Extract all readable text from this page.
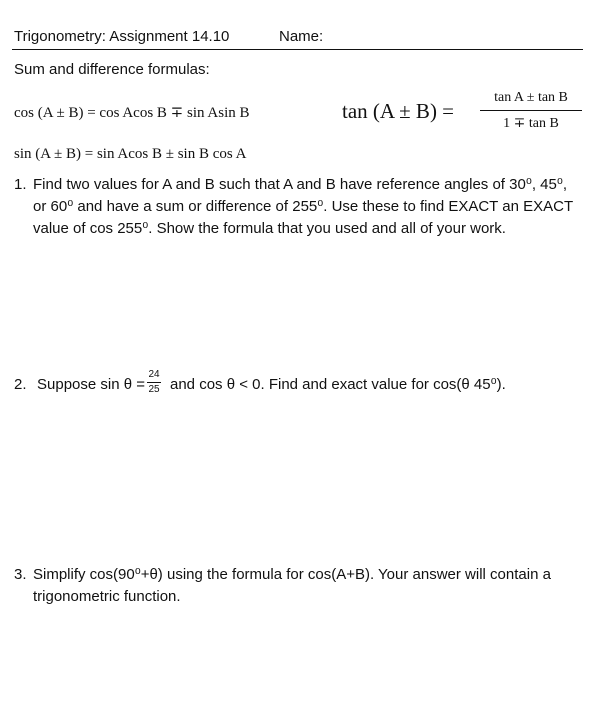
Trigonometry: Assignment 14.10	Name:
Sum and difference formulas:
cos (A ± B) = cos Acos B ∓ sin Asin B	tan (A ± B) =
tan A ± tan B
1 ∓ tan B
sin (A ± B) = sin Acos B ± sin B cos A
1. Find two values for A and B such that A and B have reference angles of 30⁰, 45⁰,
or 60⁰ and have a sum or difference of 255⁰. Use these to find EXACT an EXACT
value of cos 255⁰. Show the formula that you used and all of your work.
2. Suppose sin θ =
24
25 and cos θ < 0. Find and exact value for cos(θ 45⁰).
3. Simplify cos(90⁰+θ) using the formula for cos(A+B). Your answer will contain a
trigonometric function.
